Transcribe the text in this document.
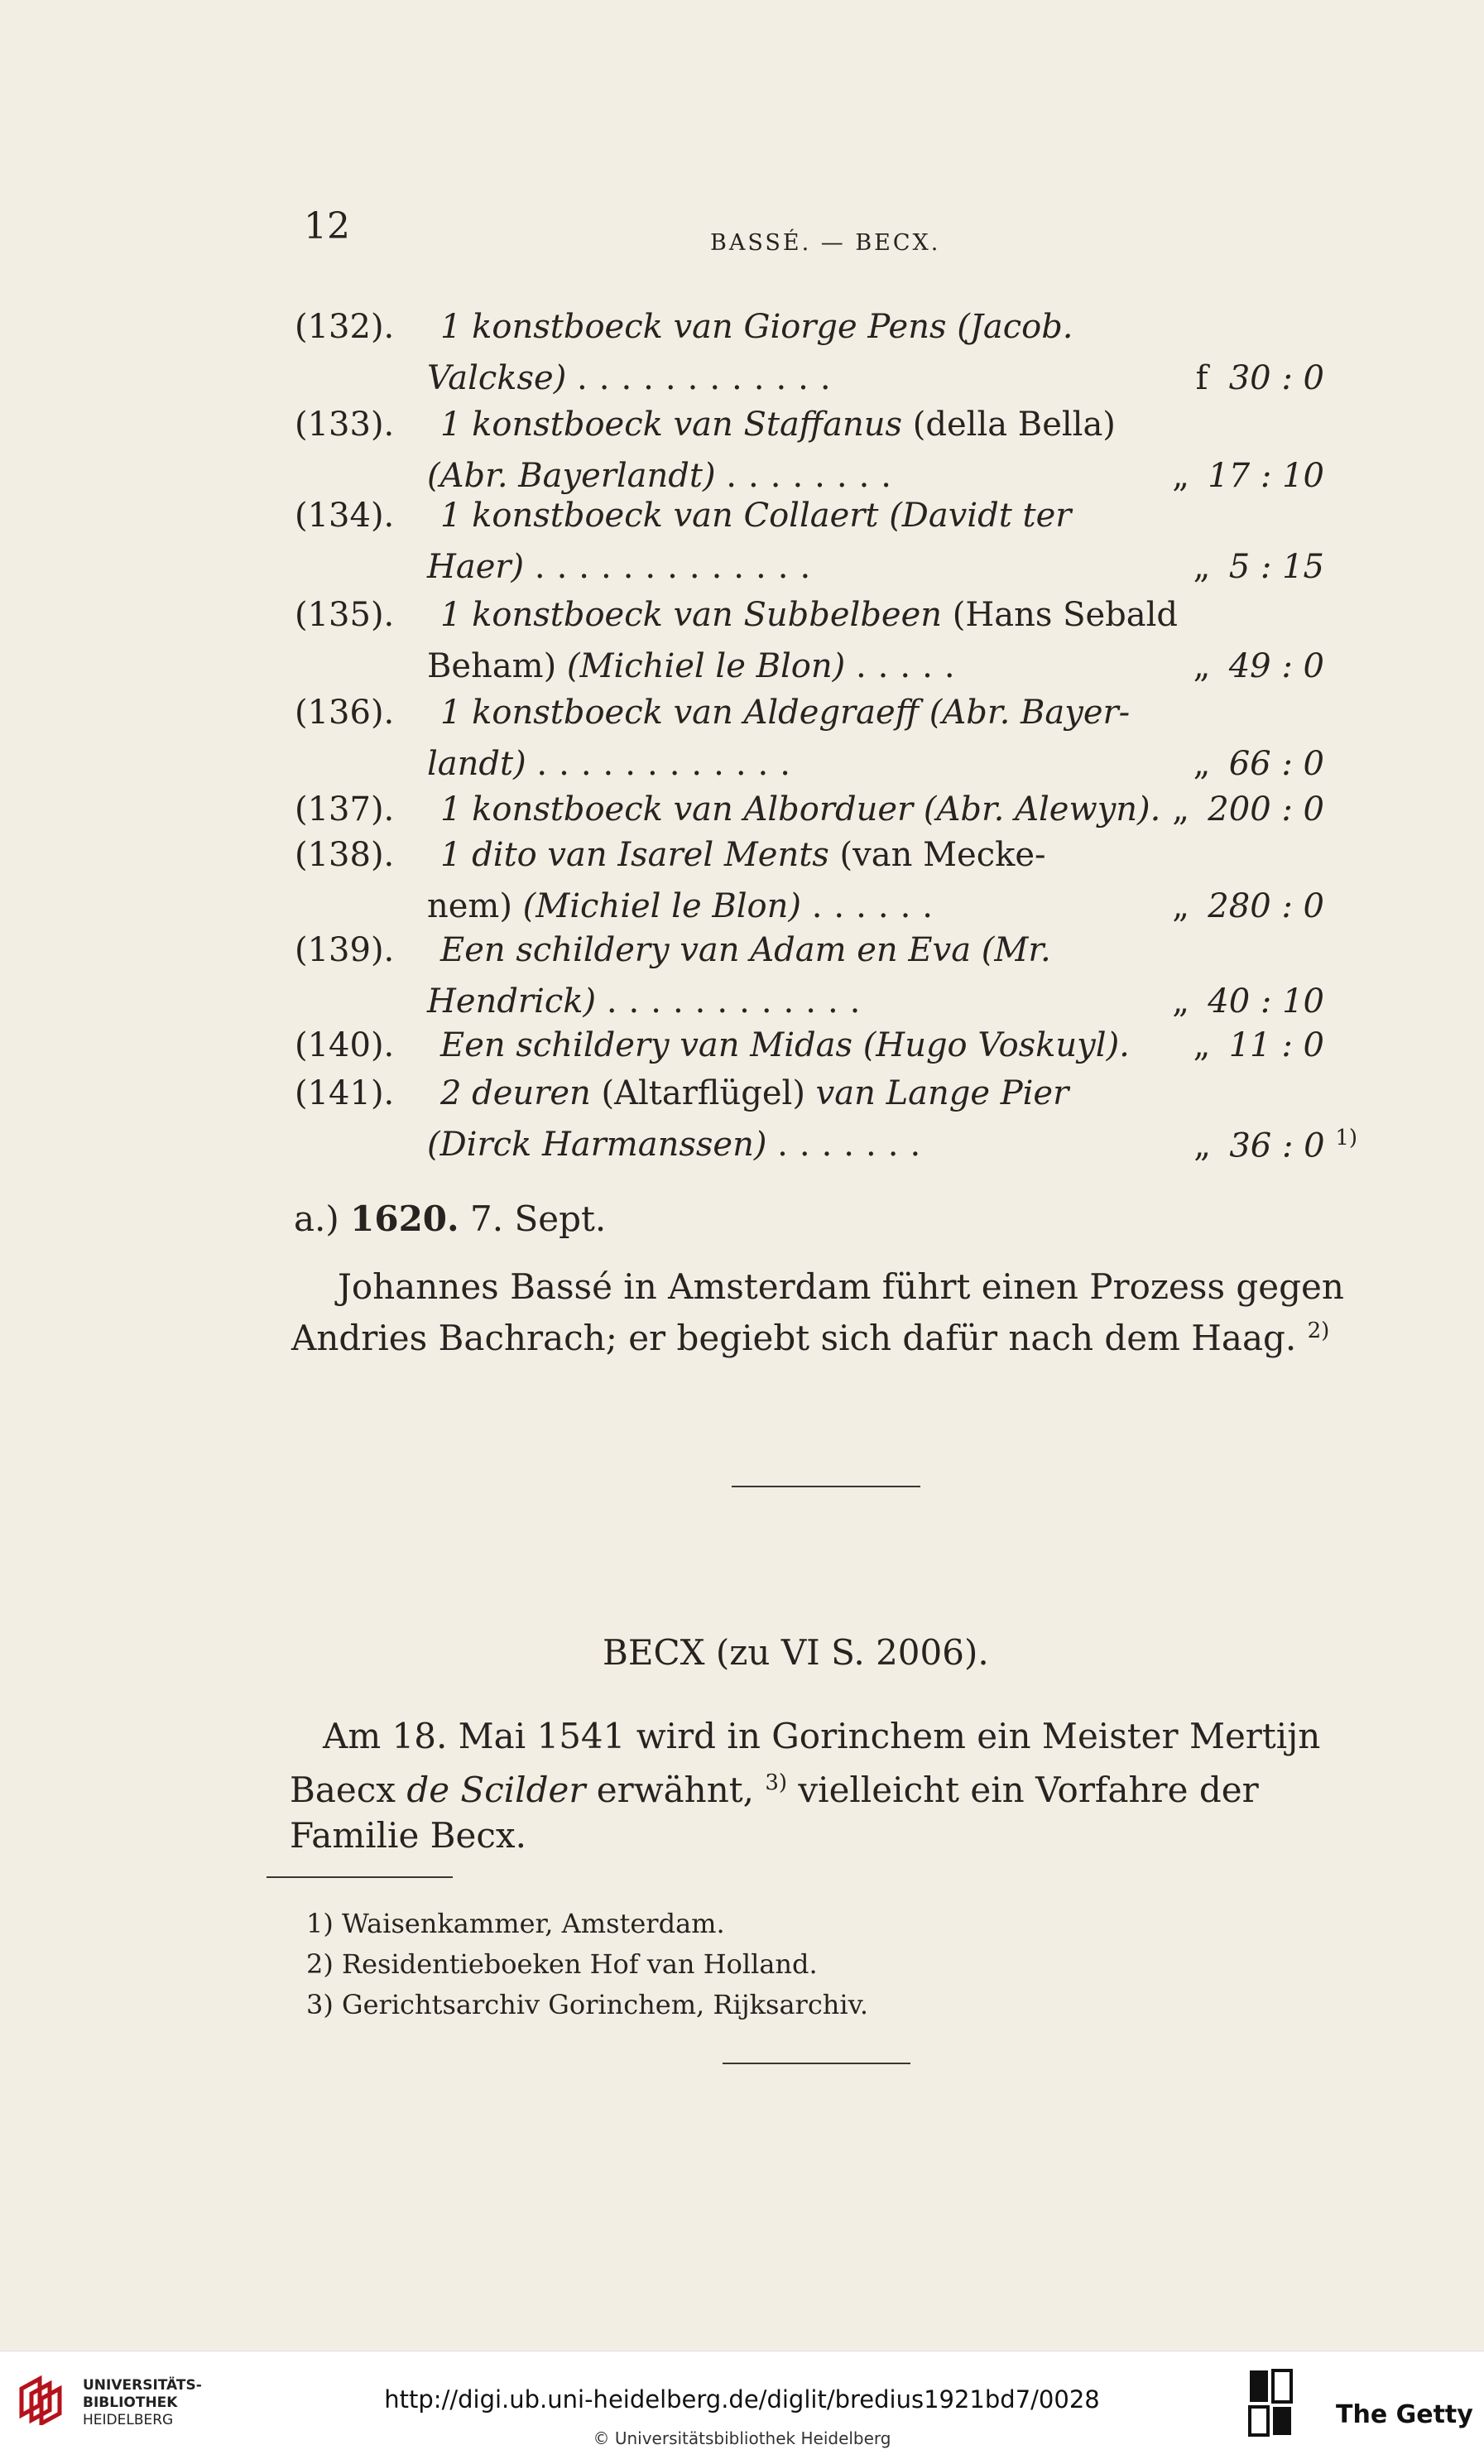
12	BASSÉ. — BECX.
(132). 1 konstboeck van Giorge Pens (Jacob.
Valckse) ............	f 30 : 0
(133). 1 konstboeck van Staffanus (della Bella)
(Abr. Bayerlandt) ........	„ 17 : 10
(134). 1 konstboeck van Collaert (Davidt ter
Haer) .............	„ 5 : 15
(135). 1 konstboeck van Subbelbeen (Hans Sebald
Beham) (Michiel le Blon) .....	„ 49 : 0
(136). 1 konstboeck van Aldegraeff (Abr. Bayer-
landt) ............	„ 66 : 0
(137). 1 konstboeck van Alborduer (Abr. Alewyn). „ 200 : 0
(138). 1 dito van Isarel Ments (van Mecke-
nem) (Michiel le Blon) ......	„ 280 : 0
(139). Een schildery van Adam en Eva (Mr.
Hendrick) ............	„ 40 : 10
(140). Een schildery van Midas (Hugo Voskuyl). „ 11 : 0
(141). 2 deuren (Altarflügel) van Lange Pier
(Dirck Harmanssen) .......	„ 36 : 0 $^{1)}$
a.) 1620. 7. Sept.
Johannes Bassé in Amsterdam führt einen Prozess gegen
Andries Bachrach; er begiebt sich dafür nach dem Haag. $^{2)}$
BECX (zu VI S. 2006).
Am 18. Mai 1541 wird in Gorinchem ein Meister Mertijn
Baecx de Scilder erwähnt, $^{3)}$ vielleicht ein Vorfahre der
Familie Becx.
1) Waisenkammer, Amsterdam.
2) Residentieboeken Hof van Holland.
3) Gerichtsarchiv Gorinchem, Rijksarchiv.
UNIVERSITÄTS-
BIBLIOTHEK
HEIDELBERG
http://digi.ub.uni-heidelberg.de/diglit/bredius1921bd7/0028
© Universitätsbibliothek Heidelberg
The Getty
